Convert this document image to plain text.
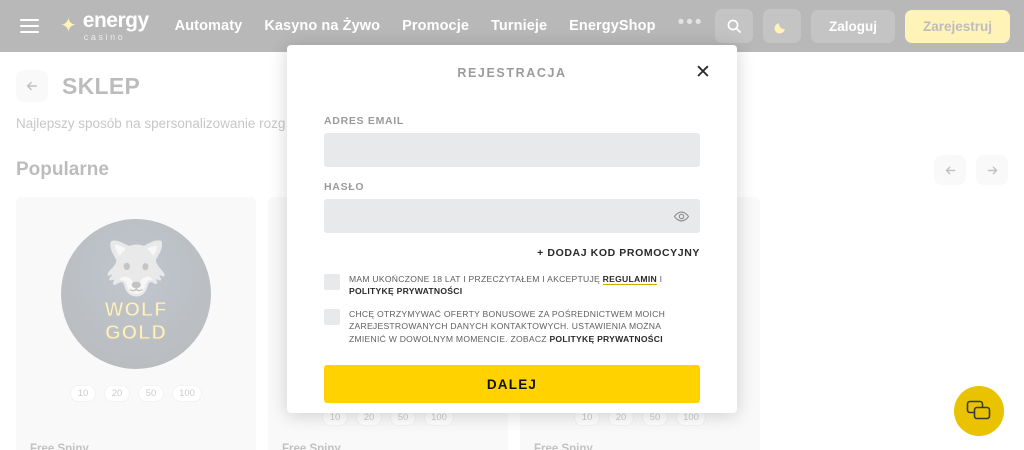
REJESTRACJA	✕
ADRES EMAIL
HASŁO
+ DODAJ KOD PROMOCYJNY
MAM UKOŃCZONE 18 LAT I PRZECZYTAŁEM I AKCEPTUJĘ REGULAMIN I POLITYKĘ PRYWATNOŚCI
CHCĘ OTRZYMYWAĆ OFERTY BONUSOWE ZA POŚREDNICTWEM MOICH ZAREJESTROWANYCH DANYCH KONTAKTOWYCH. USTAWIENIA MOŻNA ZMIENIĆ W DOWOLNYM MOMENCIE. ZOBACZ POLITYKĘ PRYWATNOŚCI
DALEJ
